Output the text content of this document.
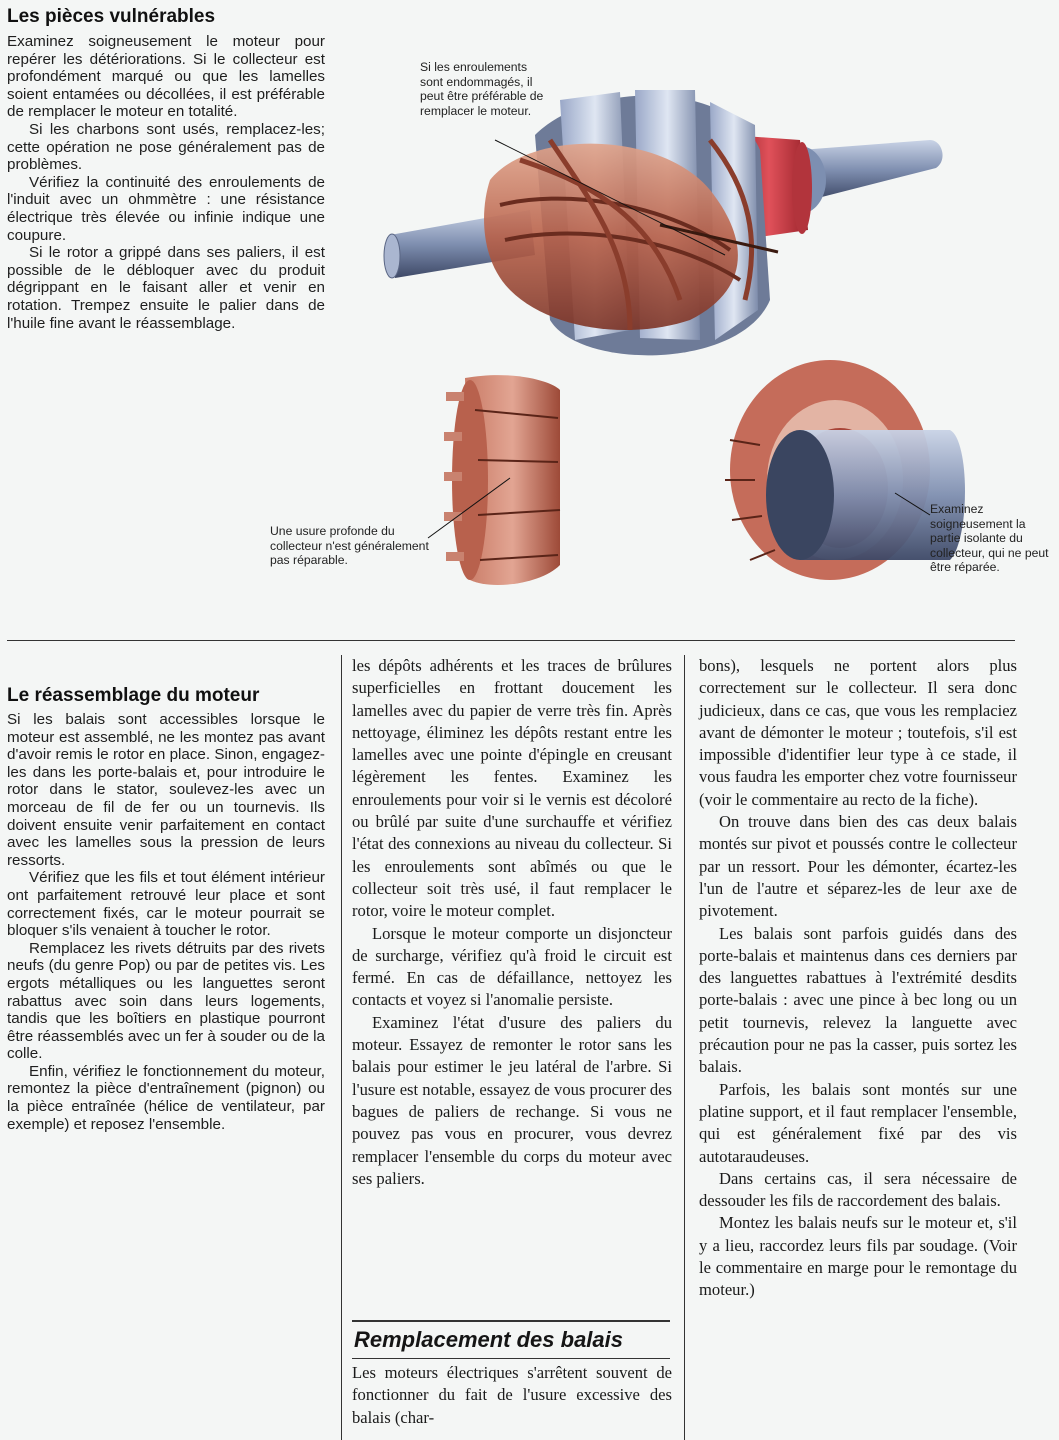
Les pièces vulnérables

Examinez soigneusement le moteur pour repérer les détériorations. Si le collecteur est profondément marqué ou que les lamelles soient entamées ou décollées, il est préférable de remplacer le moteur en totalité.

Si les charbons sont usés, remplacez-les; cette opération ne pose généralement pas de problèmes.

Vérifiez la continuité des enroulements de l'induit avec un ohmmètre : une résistance électrique très élevée ou infinie indique une coupure.

Si le rotor a grippé dans ses paliers, il est possible de le débloquer avec du produit dégrippant en le faisant aller et venir en rotation. Trempez ensuite le palier dans de l'huile fine avant le réassemblage.

Si les enroulements sont endommagés, il peut être préférable de remplacer le moteur.
Une usure profonde du collecteur n'est généralement pas réparable.
Examinez soigneusement la partie isolante du collecteur, qui ne peut être réparée.
Le réassemblage du moteur

Si les balais sont accessibles lorsque le moteur est assemblé, ne les montez pas avant d'avoir remis le rotor en place. Sinon, engagez-les dans les porte-balais et, pour introduire le rotor dans le stator, soulevez-les avec un morceau de fil de fer ou un tournevis. Ils doivent ensuite venir parfaitement en contact avec les lamelles sous la pression de leurs ressorts.

Vérifiez que les fils et tout élément intérieur ont parfaitement retrouvé leur place et sont correctement fixés, car le moteur pourrait se bloquer s'ils venaient à toucher le rotor.

Remplacez les rivets détruits par des rivets neufs (du genre Pop) ou par de petites vis. Les ergots métalliques ou les languettes seront rabattus avec soin dans leurs logements, tandis que les boîtiers en plastique pourront être réassemblés avec un fer à souder ou de la colle.

Enfin, vérifiez le fonctionnement du moteur, remontez la pièce d'entraînement (pignon) ou la pièce entraînée (hélice de ventilateur, par exemple) et reposez l'ensemble.

les dépôts adhérents et les traces de brûlures superficielles en frottant doucement les lamelles avec du papier de verre très fin. Après nettoyage, éliminez les dépôts restant entre les lamelles avec une pointe d'épingle en creusant légèrement les fentes. Examinez les enroulements pour voir si le vernis est décoloré ou brûlé par suite d'une surchauffe et vérifiez l'état des connexions au niveau du collecteur. Si les enroulements sont abîmés ou que le collecteur soit très usé, il faut remplacer le rotor, voire le moteur complet.

Lorsque le moteur comporte un disjoncteur de surcharge, vérifiez qu'à froid le circuit est fermé. En cas de défaillance, nettoyez les contacts et voyez si l'anomalie persiste.

Examinez l'état d'usure des paliers du moteur. Essayez de remonter le rotor sans les balais pour estimer le jeu latéral de l'arbre. Si l'usure est notable, essayez de vous procurer des bagues de paliers de rechange. Si vous ne pouvez pas vous en procurer, vous devrez remplacer l'ensemble du corps du moteur avec ses paliers.

Remplacement des balais

Les moteurs électriques s'arrêtent souvent de fonctionner du fait de l'usure excessive des balais (char-

bons), lesquels ne portent alors plus correctement sur le collecteur. Il sera donc judicieux, dans ce cas, que vous les remplaciez avant de démonter le moteur ; toutefois, s'il est impossible d'identifier leur type à ce stade, il vous faudra les emporter chez votre fournisseur (voir le commentaire au recto de la fiche).

On trouve dans bien des cas deux balais montés sur pivot et poussés contre le collecteur par un ressort. Pour les démonter, écartez-les l'un de l'autre et séparez-les de leur axe de pivotement.

Les balais sont parfois guidés dans des porte-balais et maintenus dans ces derniers par des languettes rabattues à l'extrémité desdits porte-balais : avec une pince à bec long ou un petit tournevis, relevez la languette avec précaution pour ne pas la casser, puis sortez les balais.

Parfois, les balais sont montés sur une platine support, et il faut remplacer l'ensemble, qui est généralement fixé par des vis autotaraudeuses.

Dans certains cas, il sera nécessaire de dessouder les fils de raccordement des balais.

Montez les balais neufs sur le moteur et, s'il y a lieu, raccordez leurs fils par soudage. (Voir le commentaire en marge pour le remontage du moteur.)
